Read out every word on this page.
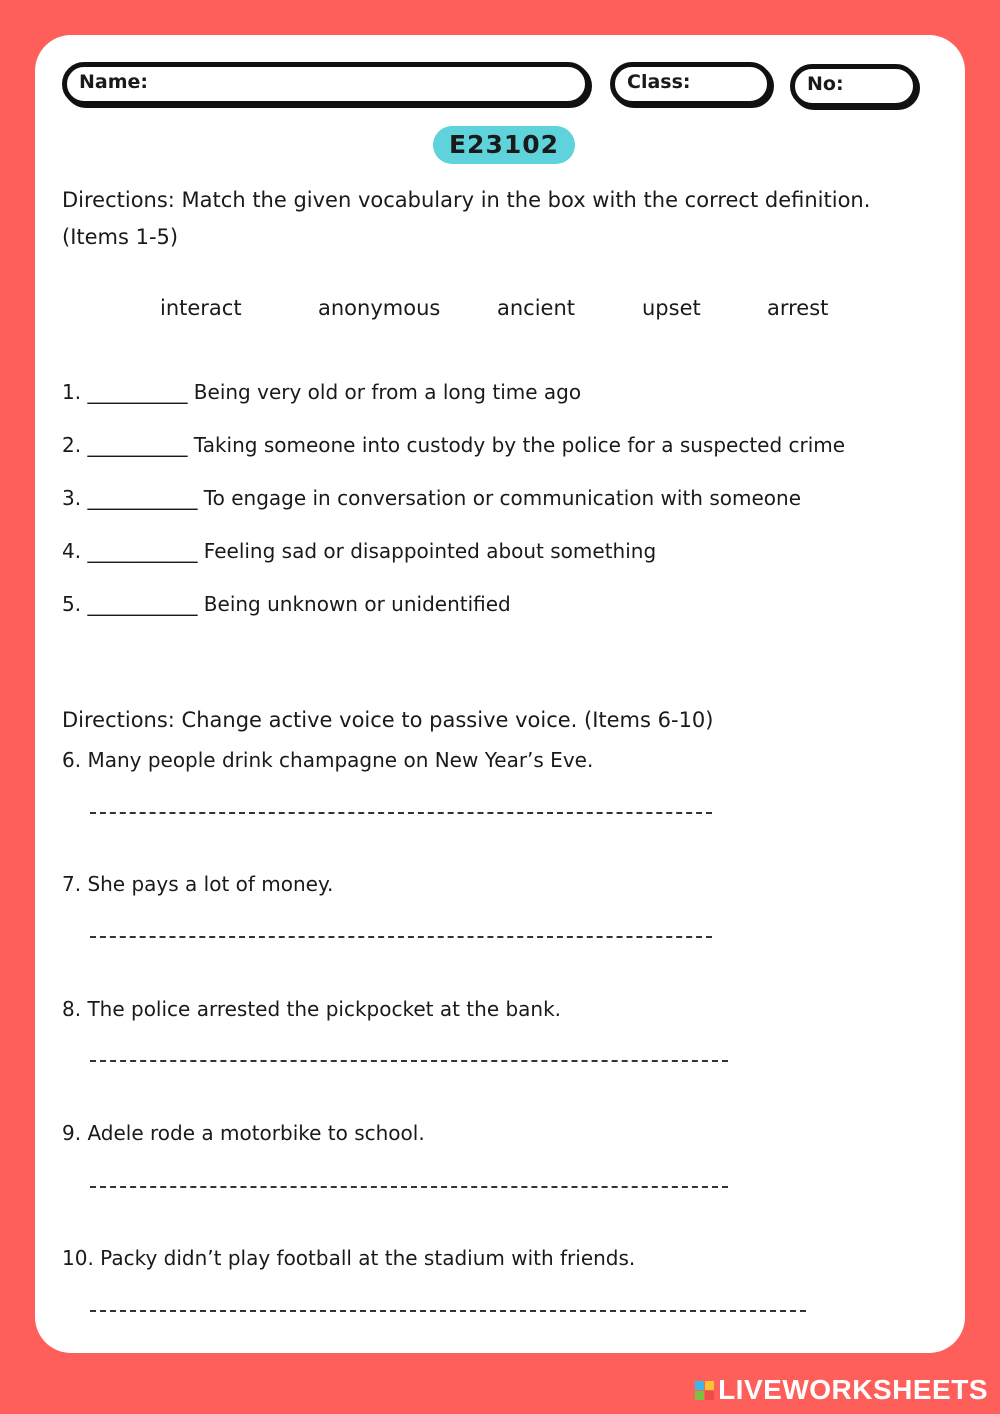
Name:	Class:	No:
E23102
Directions: Match the given vocabulary in the box with the correct definition.
(Items 1-5)
interact	anonymous	ancient	upset	arrest
1. __________ Being very old or from a long time ago
2. __________ Taking someone into custody by the police for a suspected crime
3. ___________ To engage in conversation or communication with someone
4. ___________ Feeling sad or disappointed about something
5. ___________ Being unknown or unidentified
Directions: Change active voice to passive voice. (Items 6-10)
6. Many people drink champagne on New Year’s Eve.
7. She pays a lot of money.
8. The police arrested the pickpocket at the bank.
9. Adele rode a motorbike to school.
10. Packy didn’t play football at the stadium with friends.
LIVEWORKSHEETS
